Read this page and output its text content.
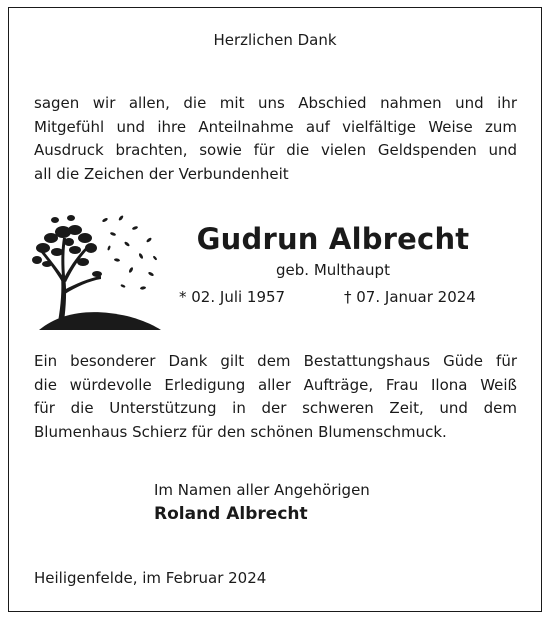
Herzlichen Dank
sagen wir allen, die mit uns Abschied nahmen und ihr
Mitgefühl und ihre Anteilnahme auf vielfältige Weise zum
Ausdruck brachten, sowie für die vielen Geldspenden und
all die Zeichen der Verbundenheit
Gudrun Albrecht
geb. Multhaupt
* 02. Juli 1957	† 07. Januar 2024
Ein besonderer Dank gilt dem Bestattungshaus Güde für
die würdevolle Erledigung aller Aufträge, Frau Ilona Weiß
für die Unterstützung in der schweren Zeit, und dem
Blumenhaus Schierz für den schönen Blumenschmuck.
Im Namen aller Angehörigen
Roland Albrecht
Heiligenfelde, im Februar 2024
